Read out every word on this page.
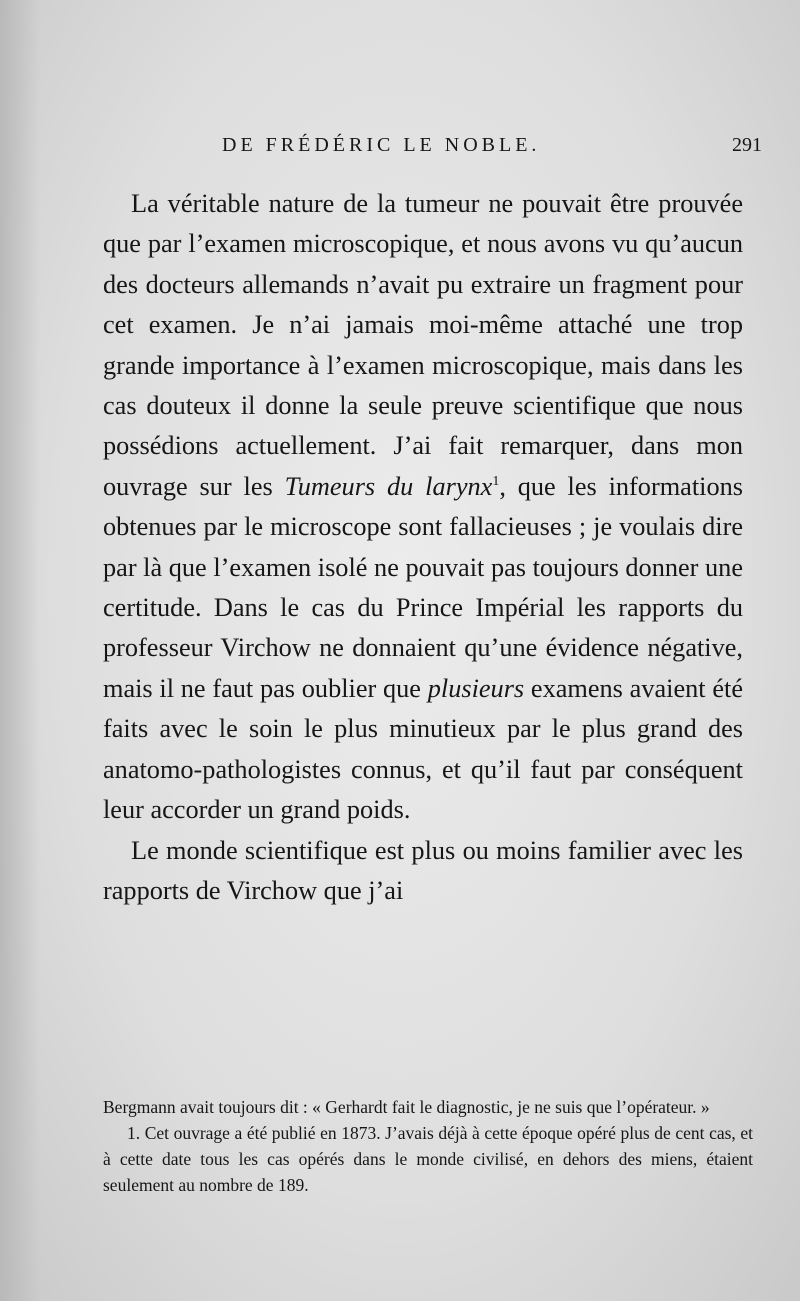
DE FRÉDÉRIC LE NOBLE.	291

La véritable nature de la tumeur ne pouvait être prouvée que par l’examen microscopique, et nous avons vu qu’aucun des docteurs allemands n’avait pu extraire un fragment pour cet examen. Je n’ai jamais moi-même attaché une trop grande importance à l’examen microscopique, mais dans les cas douteux il donne la seule preuve scientifique que nous possédions actuellement. J’ai fait remarquer, dans mon ouvrage sur les Tumeurs du larynx$^1$, que les informations obtenues par le microscope sont fallacieuses ; je voulais dire par là que l’examen isolé ne pouvait pas toujours donner une certitude. Dans le cas du Prince Impérial les rapports du professeur Virchow ne donnaient qu’une évidence négative, mais il ne faut pas oublier que plusieurs examens avaient été faits avec le soin le plus minutieux par le plus grand des anatomo-pathologistes connus, et qu’il faut par conséquent leur accorder un grand poids.

Le monde scientifique est plus ou moins familier avec les rapports de Virchow que j’ai

Bergmann avait toujours dit : « Gerhardt fait le diagnostic, je ne suis que l’opérateur. »

1. Cet ouvrage a été publié en 1873. J’avais déjà à cette époque opéré plus de cent cas, et à cette date tous les cas opérés dans le monde civilisé, en dehors des miens, étaient seulement au nombre de 189.
